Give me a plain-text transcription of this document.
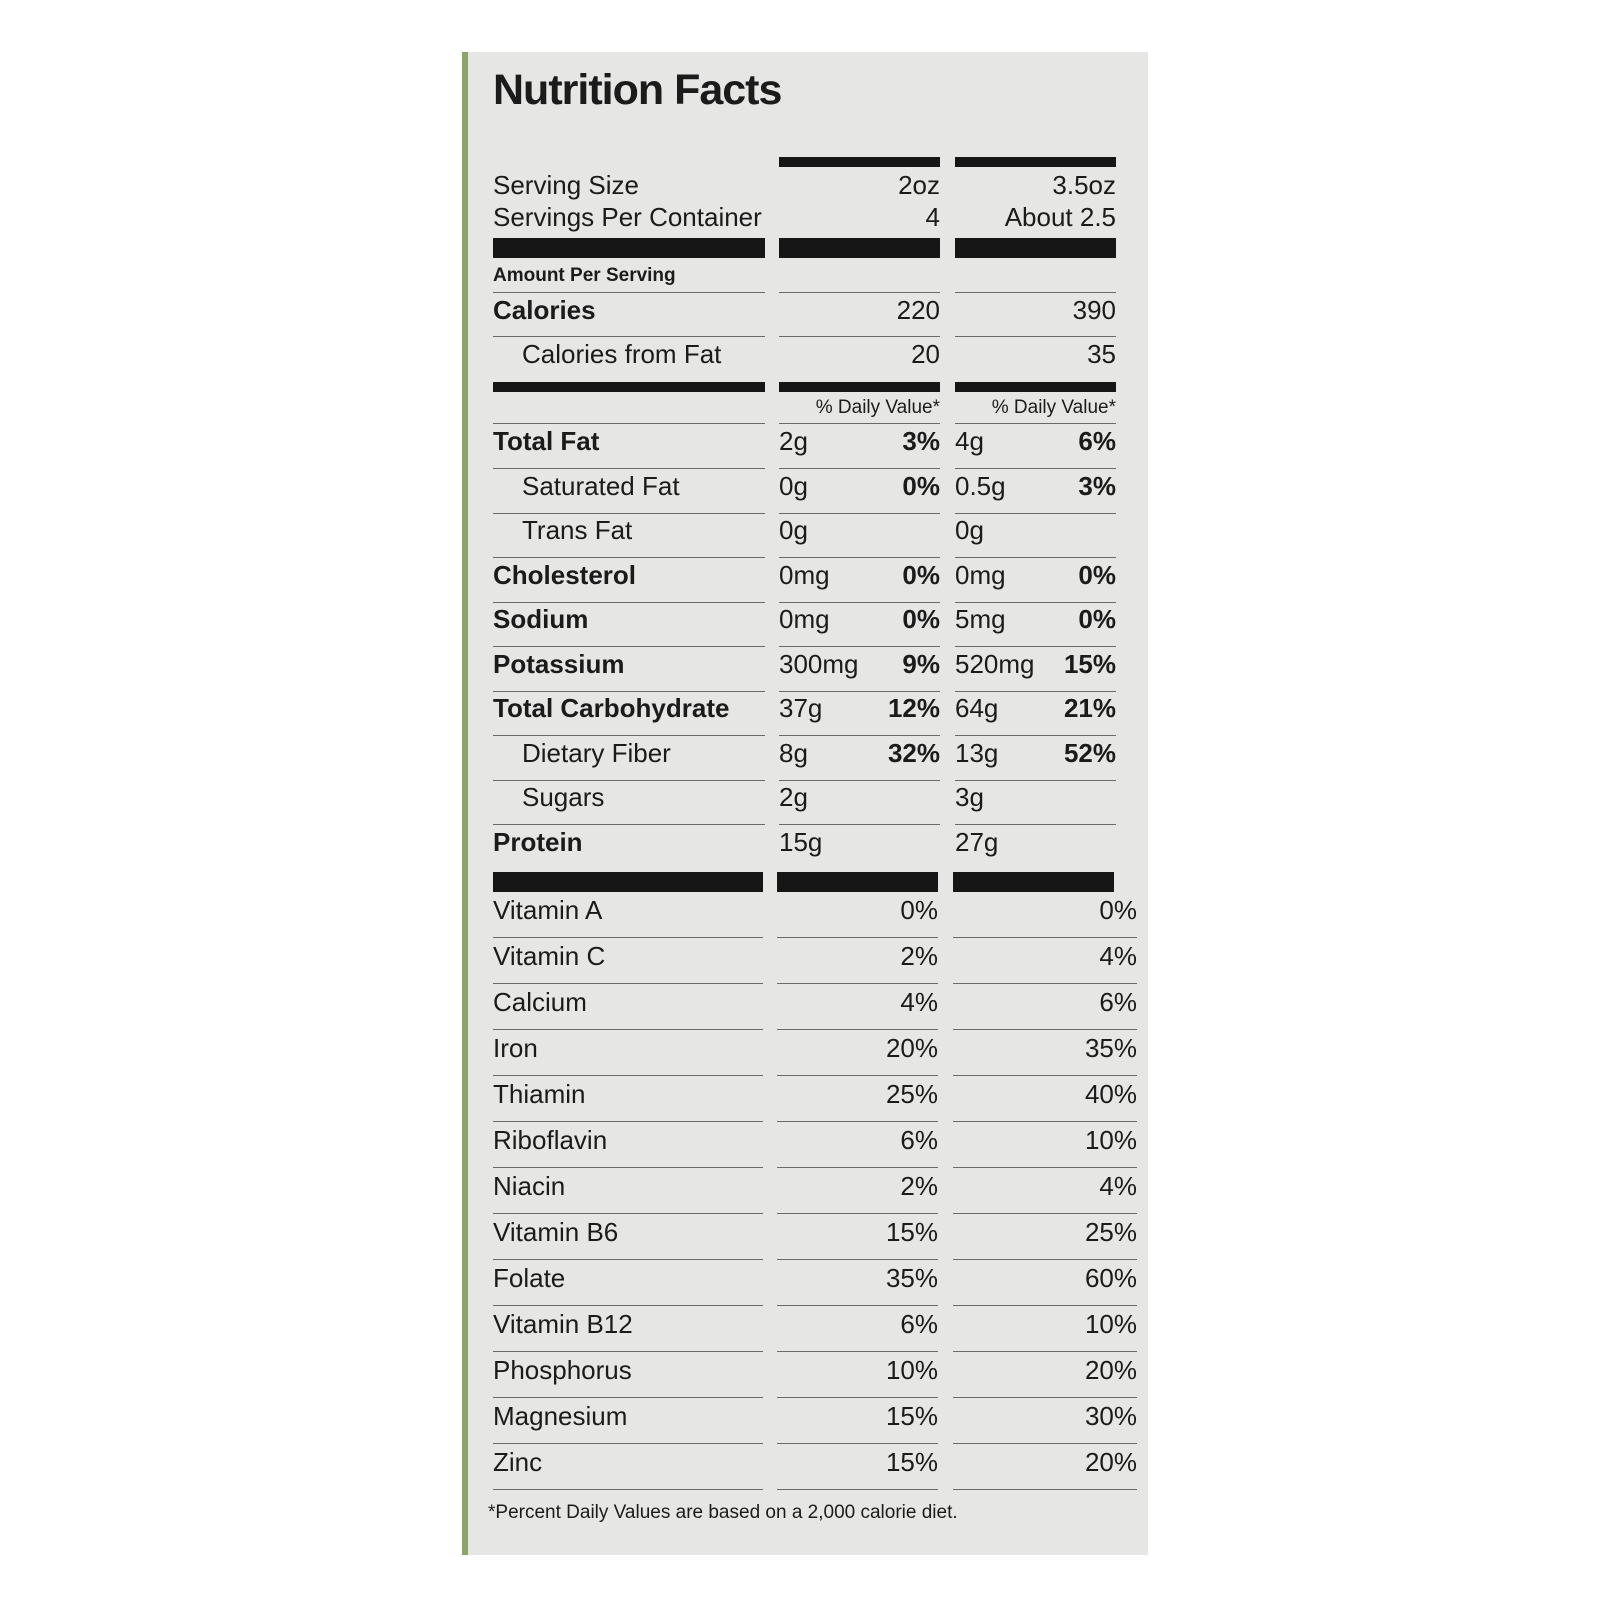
Nutrition Facts
Serving Size	2oz	3.5oz
Servings Per Container	4	About 2.5
Amount Per Serving
Calories	220	390
Calories from Fat	20	35
% Daily Value*	% Daily Value*
Total Fat	2g	3% 4g	6%
Saturated Fat	0g	0% 0.5g	3%
Trans Fat	0g	0g
Cholesterol	0mg	0% 0mg	0%
Sodium	0mg	0% 5mg	0%
Potassium	300mg	9% 520mg	15%
Total Carbohydrate 37g	12% 64g	21%
Dietary Fiber	8g	32% 13g	52%
Sugars	2g	3g
Protein	15g	27g
Vitamin A	0%	0%
Vitamin C	2%	4%
Calcium	4%	6%
Iron	20%	35%
Thiamin	25%	40%
Riboflavin	6%	10%
Niacin	2%	4%
Vitamin B6	15%	25%
Folate	35%	60%
Vitamin B12	6%	10%
Phosphorus	10%	20%
Magnesium	15%	30%
Zinc	15%	20%
*Percent Daily Values are based on a 2,000 calorie diet.
